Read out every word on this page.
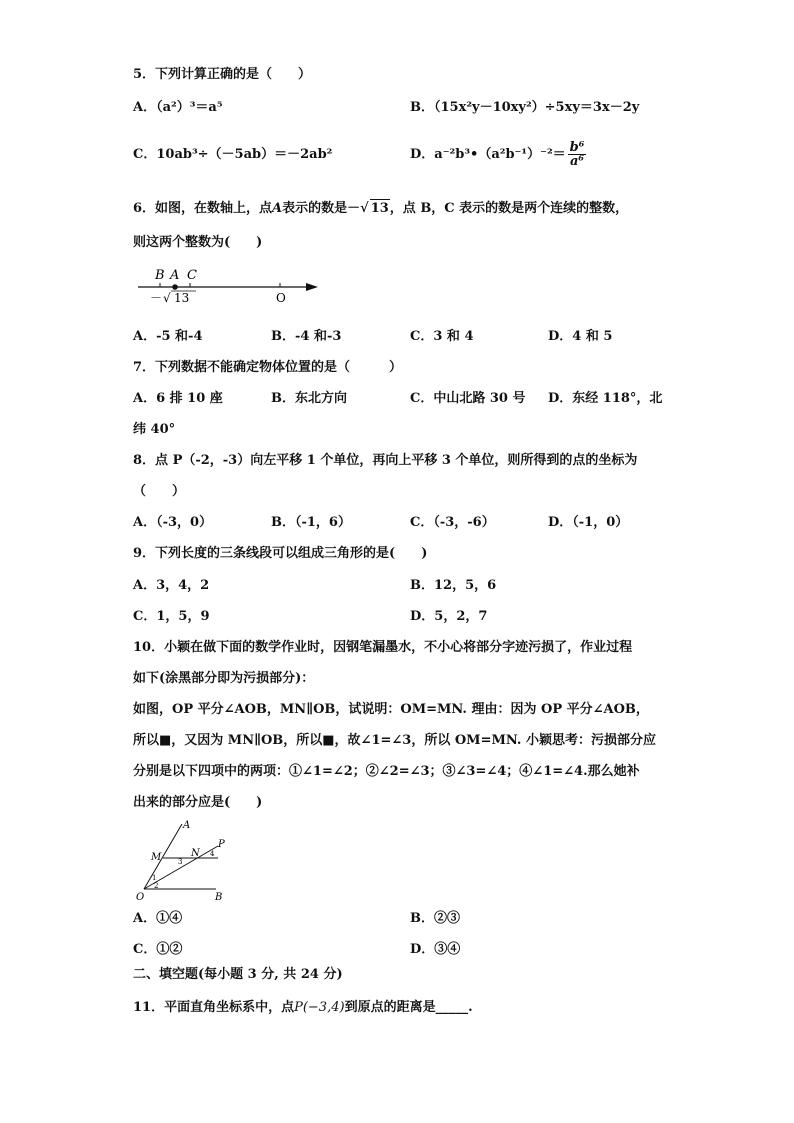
5．下列计算正确的是（　　）
A．（a²）³＝a⁵	B．（15x²y－10xy²）÷5xy＝3x－2y
C．10ab³÷（－5ab）＝－2ab²	D．a⁻²b³•（a²b⁻¹）⁻²＝ $\frac{\text{b⁶}}{\text{a⁶}}$
6．如图，在数轴上，点A表示的数是－√ 13，点 B，C 表示的数是两个连续的整数，
则这两个整数为(　　)
B A C
－ √ 13	O
A．-5 和-4	B．-4 和-3	C．3 和 4	D．4 和 5
7．下列数据不能确定物体位置的是（　　　）
A．6 排 10 座	B．东北方向	C．中山北路 30 号 D．东经 118°，北
纬 40°
8．点 P（-2，-3）向左平移 1 个单位，再向上平移 3 个单位，则所得到的点的坐标为
（　　）
A．（-3，0）	B．（-1，6）	C．（-3，-6）	D．（-1，0）
9．下列长度的三条线段可以组成三角形的是(　　)
A．3，4，2	B．12，5，6
C．1，5，9	D．5，2，7
10．小颖在做下面的数学作业时，因钢笔漏墨水，不小心将部分字迹污损了，作业过程
如下(涂黑部分即为污损部分)：
如图，OP 平分∠AOB，MN∥OB，试说明：OM=MN. 理由：因为 OP 平分∠AOB，
所以■，又因为 MN∥OB，所以■，故∠1=∠3，所以 OM=MN. 小颖思考：污损部分应
分别是以下四项中的两项：①∠1=∠2；②∠2=∠3；③∠3=∠4；④∠1=∠4.那么她补
出来的部分应是(　　)
A
M	N
P
O	B
1
2
3
4
A．①④	B．②③
C．①②	D．③④
二、填空题(每小题 3 分, 共 24 分)
11．平面直角坐标系中，点P(−3,4)到原点的距离是_____.
